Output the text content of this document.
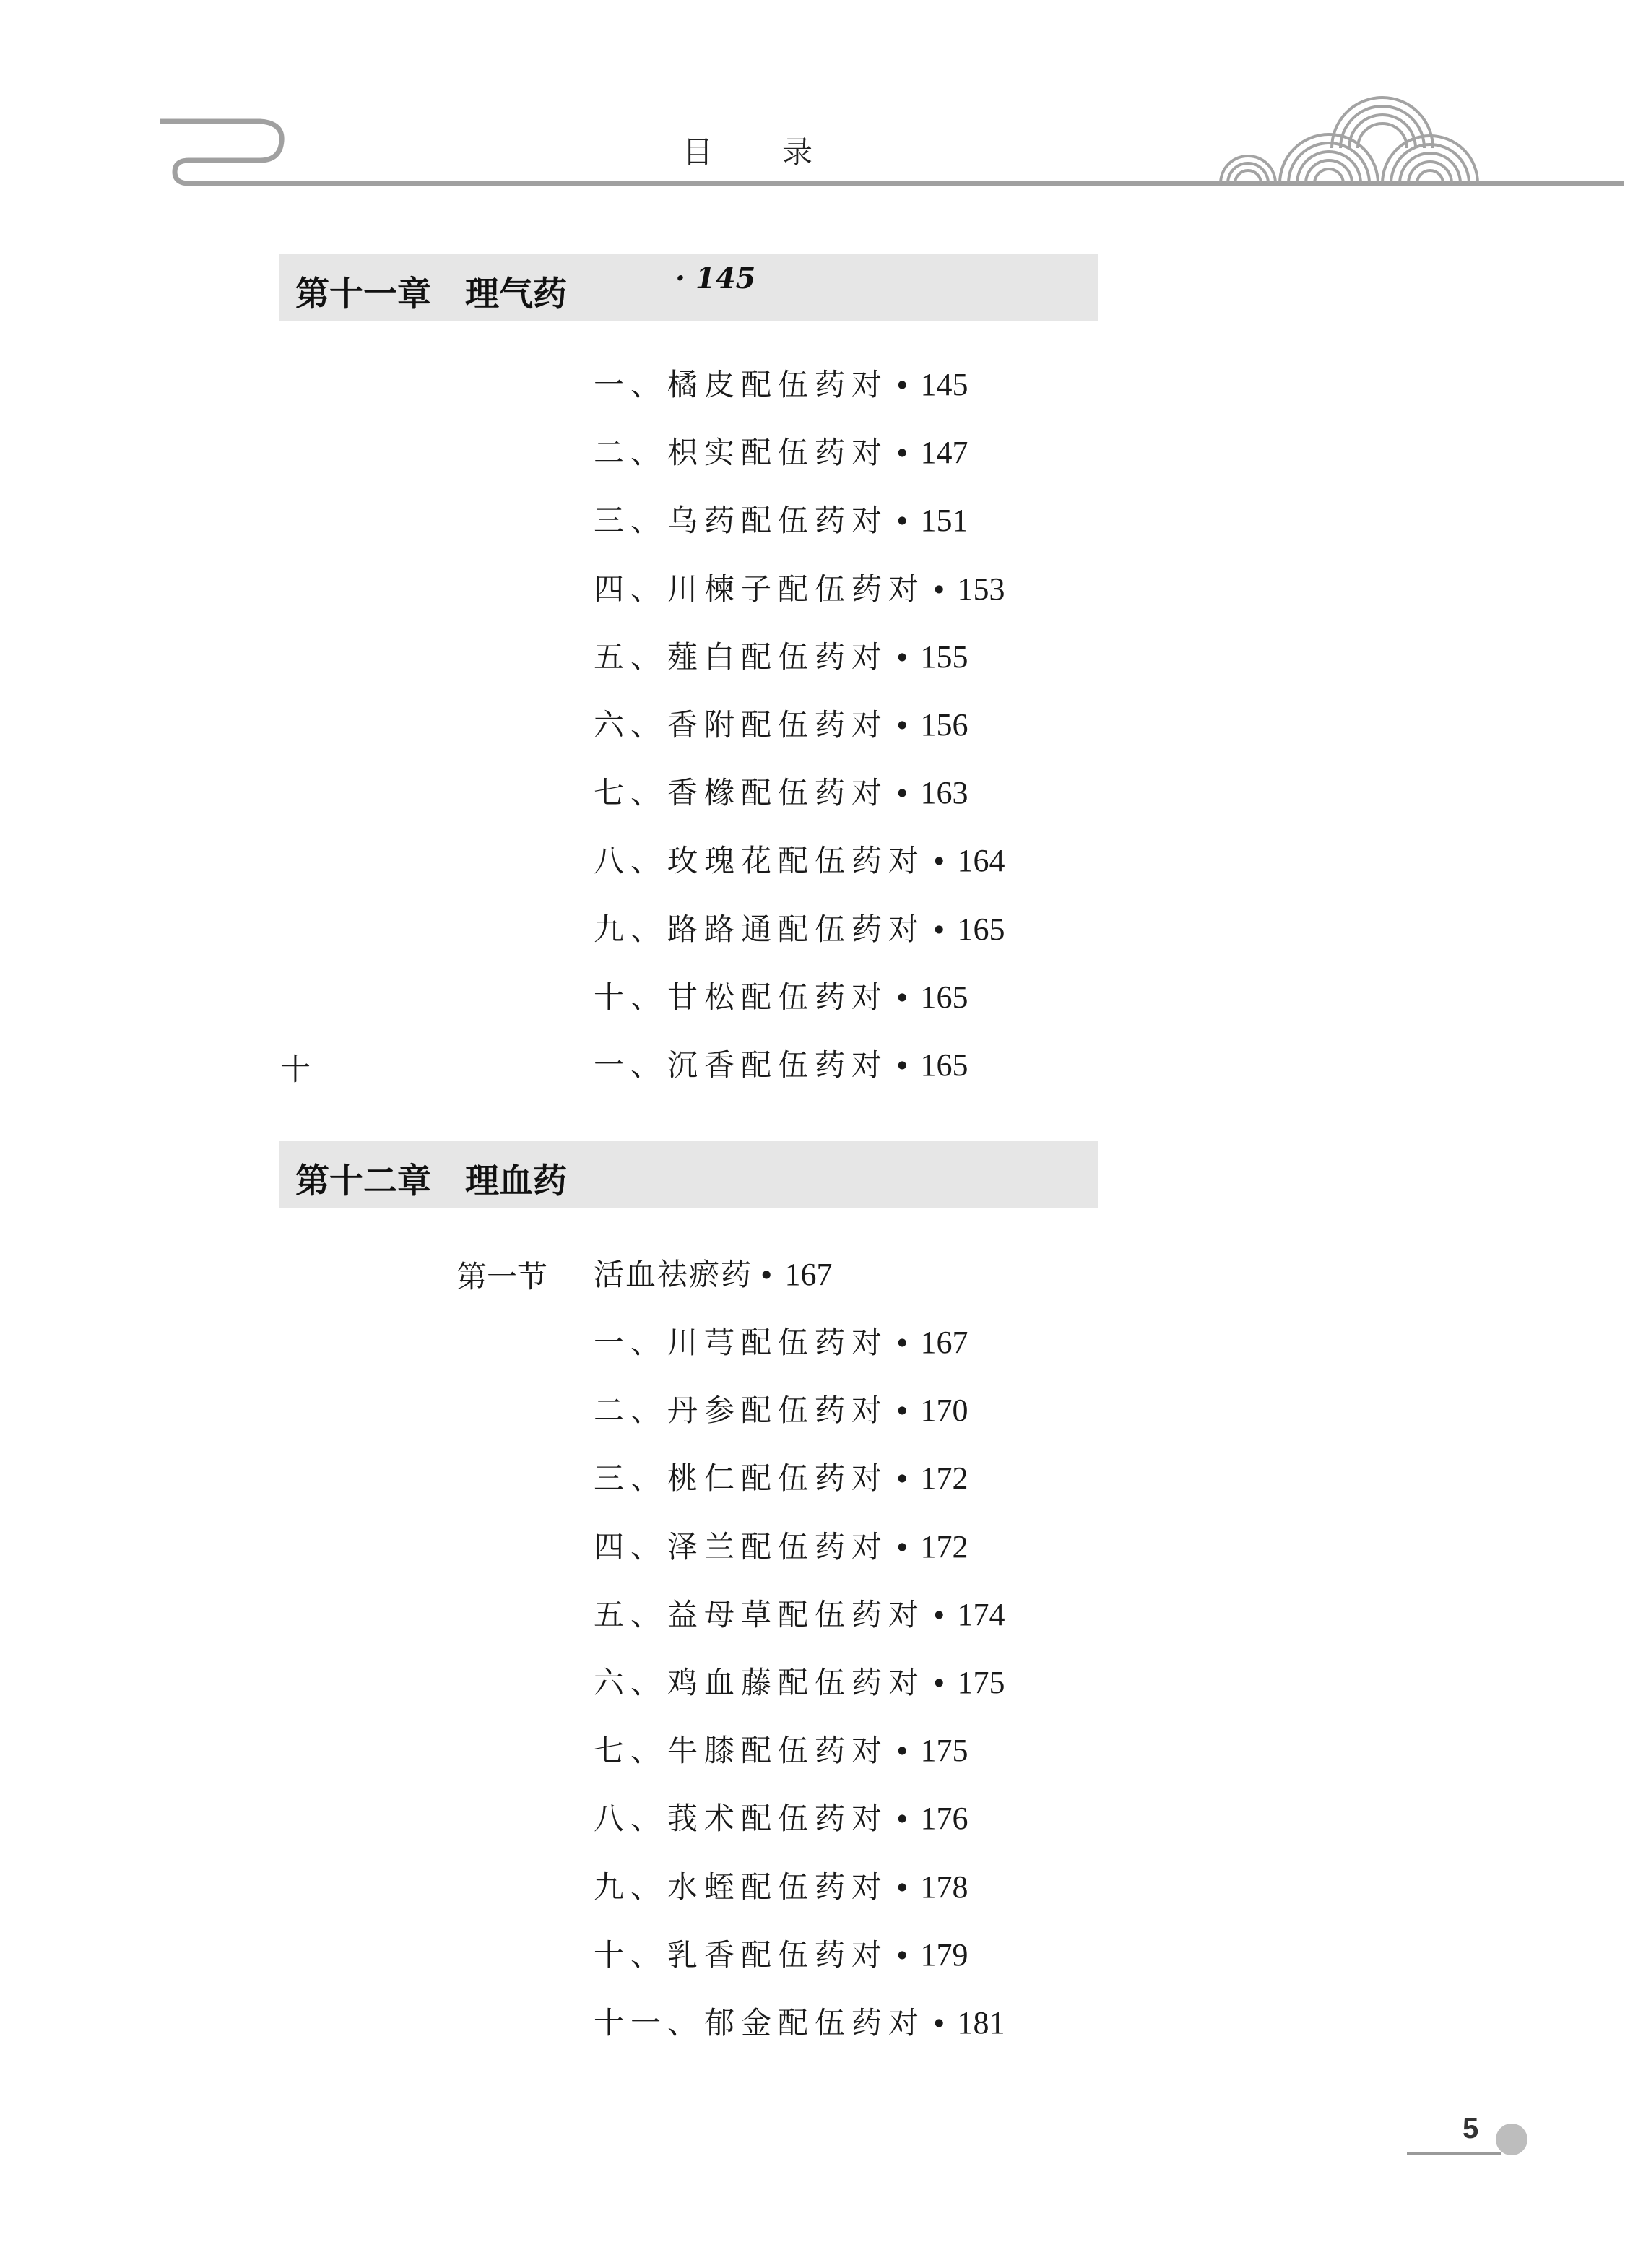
目录
第十一章　理气药	· 145
一、橘皮配伍药对 • 145
二、枳实配伍药对 • 147
三、乌药配伍药对 • 151
四、川楝子配伍药对 • 153
五、薤白配伍药对 • 155
六、香附配伍药对 • 156
七、香橼配伍药对 • 163
八、玫瑰花配伍药对 • 164
九、路路通配伍药对 • 165
十、甘松配伍药对 • 165
一、沉香配伍药对 • 165
十
第十二章　理血药
第一节 活血祛瘀药 • 167
一、川芎配伍药对 • 167
二、丹参配伍药对 • 170
三、桃仁配伍药对 • 172
四、泽兰配伍药对 • 172
五、益母草配伍药对 • 174
六、鸡血藤配伍药对 • 175
七、牛膝配伍药对 • 175
八、莪术配伍药对 • 176
九、水蛭配伍药对 • 178
十、乳香配伍药对 • 179
十一、郁金配伍药对 • 181
5
